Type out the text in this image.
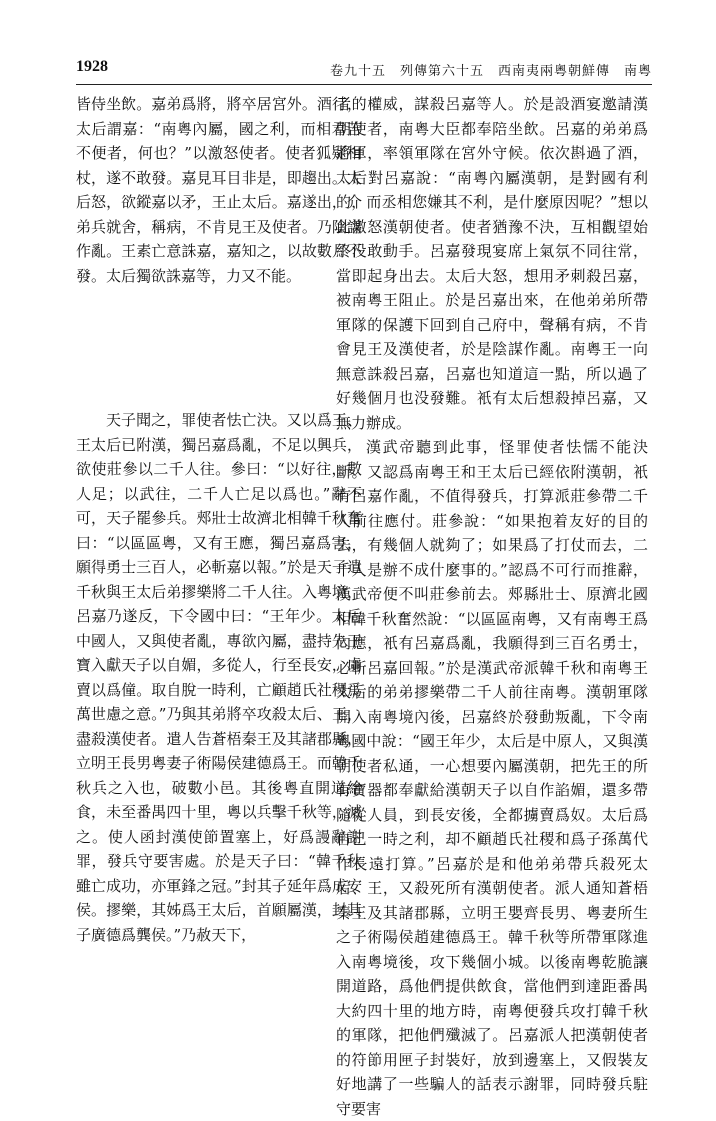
1928	卷九十五　列傳第六十五　西南夷兩粵朝鮮傳　南粵

皆侍坐飲。嘉弟爲將，將卒居宮外。酒行，太后謂嘉：“南粵內屬，國之利，而相君苦不便者，何也？”以激怒使者。使者狐疑相杖，遂不敢發。嘉見耳目非是，即趨出。太后怒，欲鏦嘉以矛，王止太后。嘉遂出，介弟兵就舍，稱病，不肯見王及使者。乃陰謀作亂。王素亡意誅嘉，嘉知之，以故數月不發。太后獨欲誅嘉等，力又不能。

天子聞之，罪使者怯亡決。又以爲王、王太后已附漢，獨呂嘉爲亂，不足以興兵，欲使莊參以二千人往。參曰：“以好往，數人足；以武往，二千人亡足以爲也。”辭不可，天子罷參兵。郟壯士故濟北相韓千秋奮曰：“以區區粵，又有王應，獨呂嘉爲害，願得勇士三百人，必斬嘉以報。”於是天子遣千秋與王太后弟摎樂將二千人往。入粵境，呂嘉乃遂反，下令國中曰：“王年少。太后中國人，又與使者亂，專欲內屬，盡持先王寶入獻天子以自媚，多從人，行至長安，虜賣以爲僮。取自脫一時利，亡顧趙氏社稷爲萬世慮之意。”乃與其弟將卒攻殺太后、王，盡殺漢使者。遣人告蒼梧秦王及其諸郡縣，立明王長男粵妻子術陽侯建德爲王。而韓千秋兵之入也，破數小邑。其後粵直開道給食，未至番禺四十里，粵以兵擊千秋等，滅之。使人函封漢使節置塞上，好爲謾辭謝罪，發兵守要害處。於是天子曰：“韓千秋雖亡成功，亦軍鋒之冠。”封其子延年爲成安侯。摎樂，其姊爲王太后，首願屬漢，封其子廣德爲龔侯。”乃赦天下，

者的權威，謀殺呂嘉等人。於是設酒宴邀請漢朝使者，南粵大臣都奉陪坐飲。呂嘉的弟弟爲將軍，率領軍隊在宮外守候。依次斟過了酒，太后對呂嘉說：“南粵內屬漢朝，是對國有利的，而丞相您嫌其不利，是什麼原因呢？”想以此激怒漢朝使者。使者猶豫不決，互相觀望始終没敢動手。呂嘉發現宴席上氣氛不同往常，當即起身出去。太后大怒，想用矛刺殺呂嘉，被南粵王阻止。於是呂嘉出來，在他弟弟所帶軍隊的保護下回到自己府中，聲稱有病，不肯會見王及漢使者，於是陰謀作亂。南粵王一向無意誅殺呂嘉，呂嘉也知道這一點，所以過了好幾個月也没發難。衹有太后想殺掉呂嘉，又無力辦成。

漢武帝聽到此事，怪罪使者怯懦不能決斷。又認爲南粵王和王太后已經依附漢朝，衹有呂嘉作亂，不值得發兵，打算派莊參帶二千人前往應付。莊參說：“如果抱着友好的目的去，有幾個人就夠了；如果爲了打仗而去，二千人是辦不成什麼事的。”認爲不可行而推辭，漢武帝便不叫莊參前去。郟縣壯士、原濟北國相韓千秋奮然說：“以區區南粵，又有南粵王爲內應，衹有呂嘉爲亂，我願得到三百名勇士，必斬呂嘉回報。”於是漢武帝派韓千秋和南粵王太后的弟弟摎樂帶二千人前往南粵。漢朝軍隊開入南粵境內後，呂嘉終於發動叛亂，下令南粵國中說：“國王年少，太后是中原人，又與漢朝使者私通，一心想要內屬漢朝，把先王的所有寶器都奉獻給漢朝天子以自作諂媚，還多帶隨從人員，到長安後，全都擄賣爲奴。太后爲自己一時之利，却不顧趙氏社稷和爲子孫萬代作長遠打算。”呂嘉於是和他弟弟帶兵殺死太后、王，又殺死所有漢朝使者。派人通知蒼梧秦王及其諸郡縣，立明王嬰齊長男、粵妻所生之子術陽侯趙建德爲王。韓千秋等所帶軍隊進入南粵境後，攻下幾個小城。以後南粵乾脆讓開道路，爲他們提供飲食，當他們到達距番禺大約四十里的地方時，南粵便發兵攻打韓千秋的軍隊，把他們殲滅了。呂嘉派人把漢朝使者的符節用匣子封裝好，放到邊塞上，又假裝友好地講了一些騙人的話表示謝罪，同時發兵駐守要害
